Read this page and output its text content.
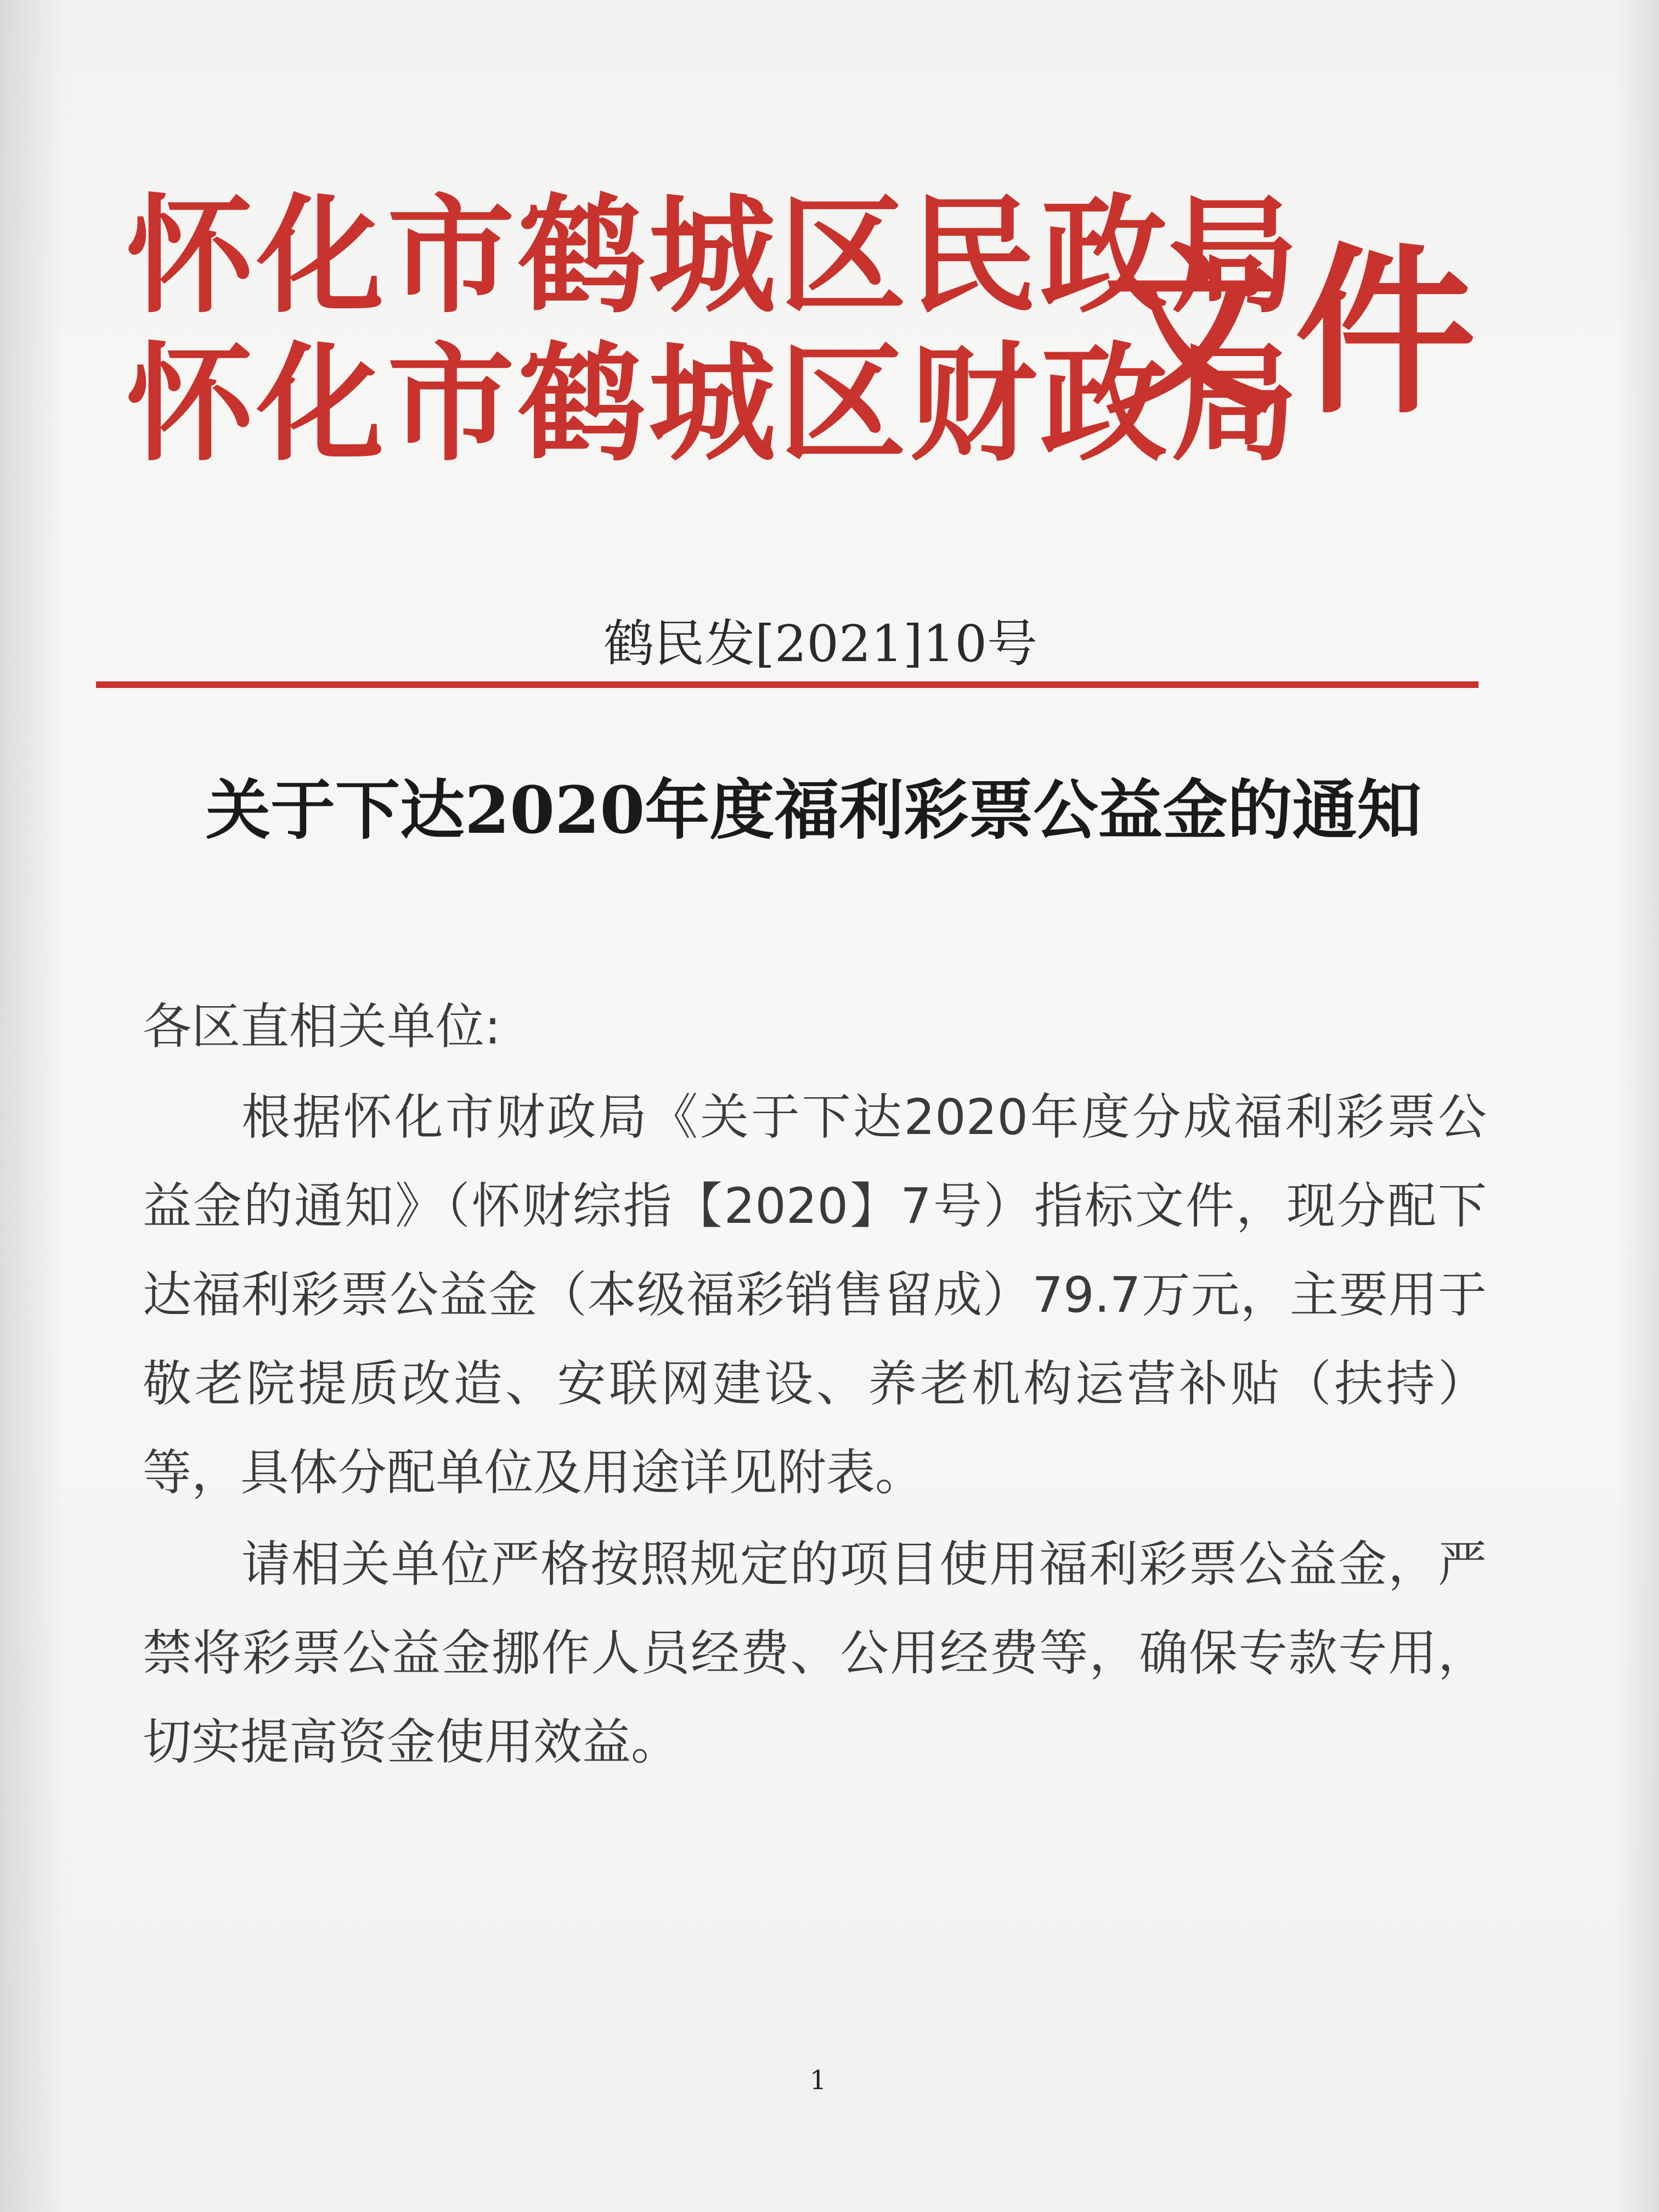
怀化市鹤城区民政局
怀化市鹤城区财政局
文件
鹤民发[2021]10号
关于下达2020年度福利彩票公益金的通知
各区直相关单位:
根据怀化市财政局《关于下达2020年度分成福利彩票公益金的通知》（怀财综指【2020】7号）指标文件，现分配下达福利彩票公益金（本级福彩销售留成）79.7万元，主要用于敬老院提质改造、安联网建设、养老机构运营补贴（扶持）等，具体分配单位及用途详见附表。
请相关单位严格按照规定的项目使用福利彩票公益金，严禁将彩票公益金挪作人员经费、公用经费等，确保专款专用，切实提高资金使用效益。
1
